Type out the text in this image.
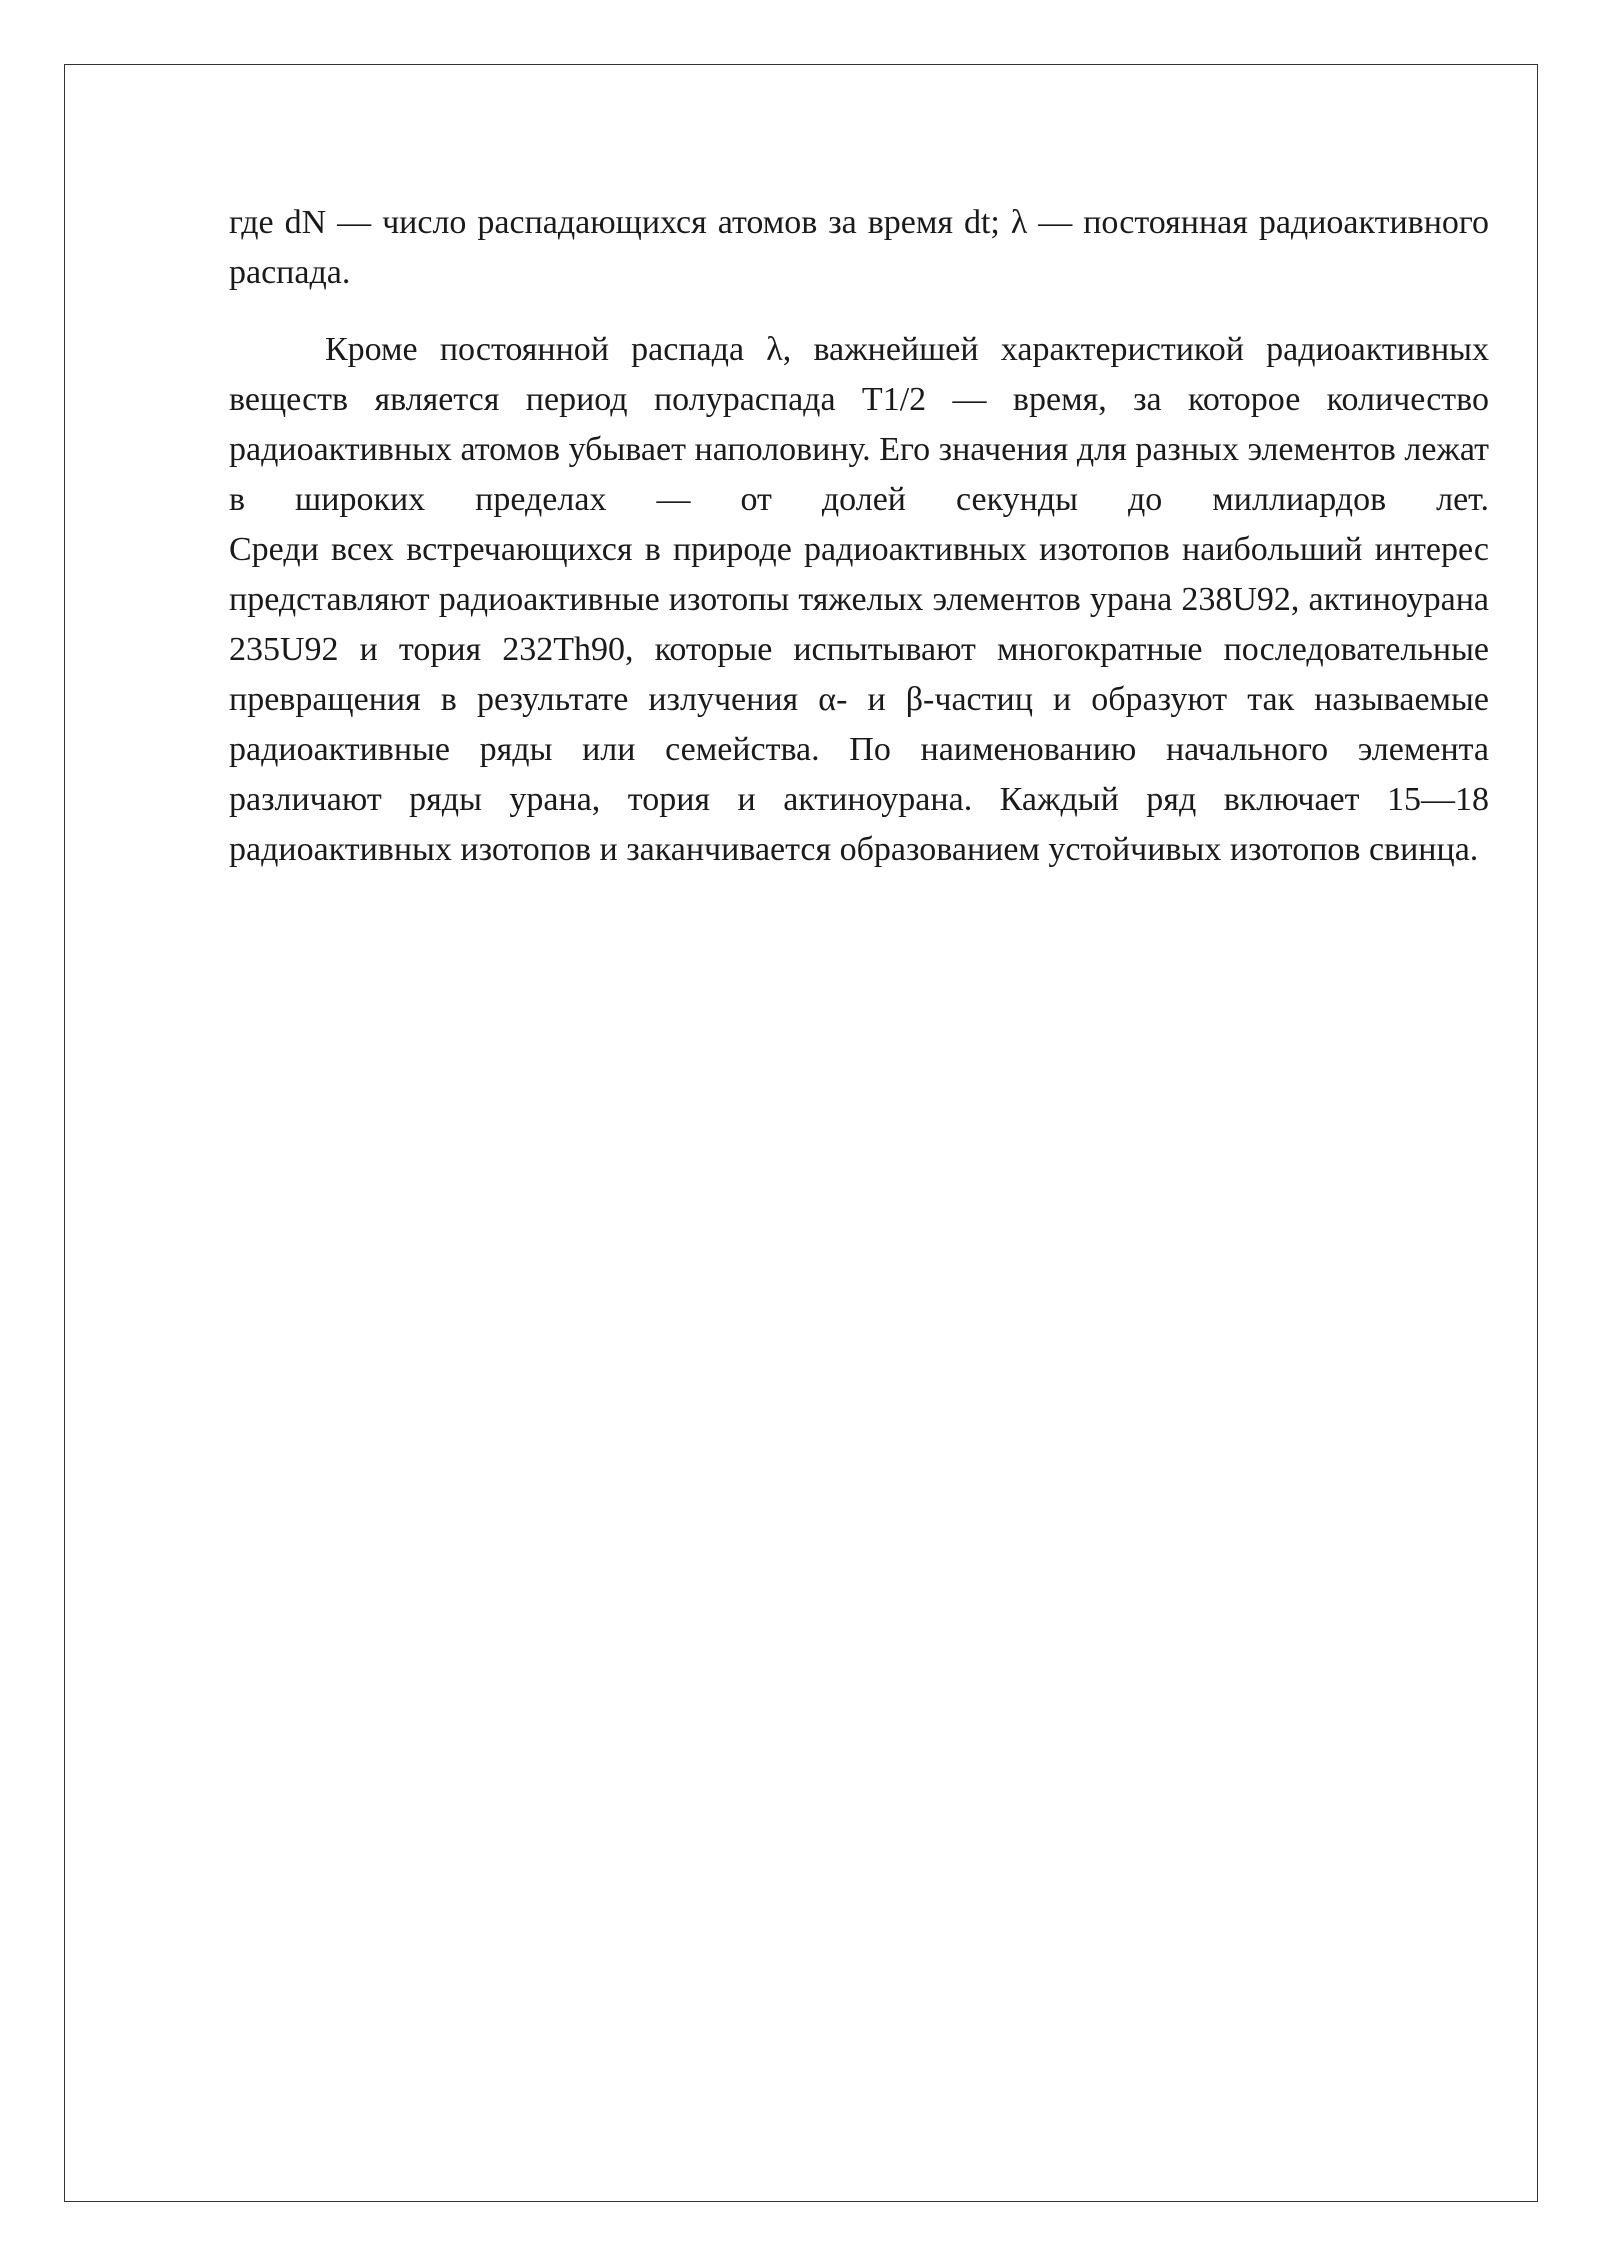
где dN — число распадающихся атомов за время dt; λ — постоянная радиоактивного распада.

Кроме постоянной распада λ, важнейшей характеристикой радиоактивных веществ является период полураспада T1/2 — время, за которое количество радиоактивных атомов убывает наполовину. Его значения для разных элементов лежат в широких пределах — от долей секунды до миллиардов лет.

Среди всех встречающихся в природе радиоактивных изотопов наибольший интерес представляют радиоактивные изотопы тяжелых элементов урана 238U92, актиноурана 235U92 и тория 232Th90, которые испытывают многократные последовательные превращения в результате излучения α- и β-частиц и образуют так называемые радиоактивные ряды или семейства. По наименованию начального элемента различают ряды урана, тория и актиноурана. Каждый ряд включает 15—18 радиоактивных изотопов и заканчивается образованием устойчивых изотопов свинца.
